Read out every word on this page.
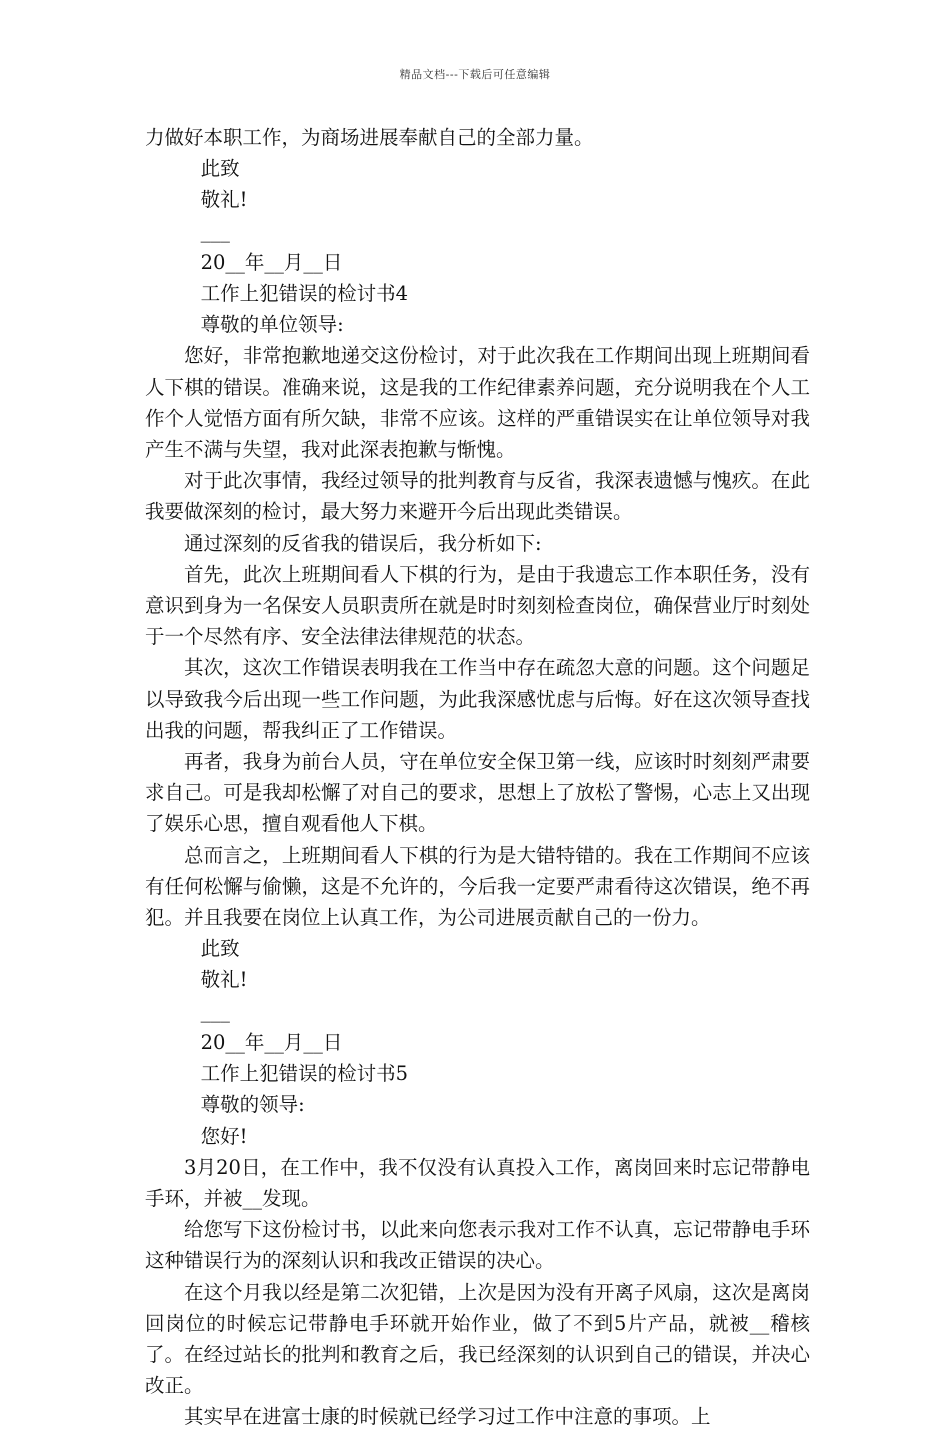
精品文档---下载后可任意编辑

力做好本职工作，为商场进展奉献自己的全部力量。

此致

敬礼!

___

20__年__月__日

工作上犯错误的检讨书4

尊敬的单位领导:

您好，非常抱歉地递交这份检讨，对于此次我在工作期间出现上班期间看人下棋的错误。准确来说，这是我的工作纪律素养问题，充分说明我在个人工作个人觉悟方面有所欠缺，非常不应该。这样的严重错误实在让单位领导对我产生不满与失望，我对此深表抱歉与惭愧。

对于此次事情，我经过领导的批判教育与反省，我深表遗憾与愧疚。在此我要做深刻的检讨，最大努力来避开今后出现此类错误。

通过深刻的反省我的错误后，我分析如下:

首先，此次上班期间看人下棋的行为，是由于我遗忘工作本职任务，没有意识到身为一名保安人员职责所在就是时时刻刻检查岗位，确保营业厅时刻处于一个尽然有序、安全法律法律规范的状态。

其次，这次工作错误表明我在工作当中存在疏忽大意的问题。这个问题足以导致我今后出现一些工作问题，为此我深感忧虑与后悔。好在这次领导查找出我的问题，帮我纠正了工作错误。

再者，我身为前台人员，守在单位安全保卫第一线，应该时时刻刻严肃要求自己。可是我却松懈了对自己的要求，思想上了放松了警惕，心志上又出现了娱乐心思，擅自观看他人下棋。

总而言之，上班期间看人下棋的行为是大错特错的。我在工作期间不应该有任何松懈与偷懒，这是不允许的，今后我一定要严肃看待这次错误，绝不再犯。并且我要在岗位上认真工作，为公司进展贡献自己的一份力。

此致

敬礼!

___

20__年__月__日

工作上犯错误的检讨书5

尊敬的领导:

您好!

3月20日，在工作中，我不仅没有认真投入工作，离岗回来时忘记带静电手环，并被__发现。

给您写下这份检讨书，以此来向您表示我对工作不认真，忘记带静电手环这种错误行为的深刻认识和我改正错误的决心。

在这个月我以经是第二次犯错，上次是因为没有开离子风扇，这次是离岗回岗位的时候忘记带静电手环就开始作业，做了不到5片产品，就被__稽核了。在经过站长的批判和教育之后，我已经深刻的认识到自己的错误，并决心改正。

其实早在进富士康的时候就已经学习过工作中注意的事项。上
